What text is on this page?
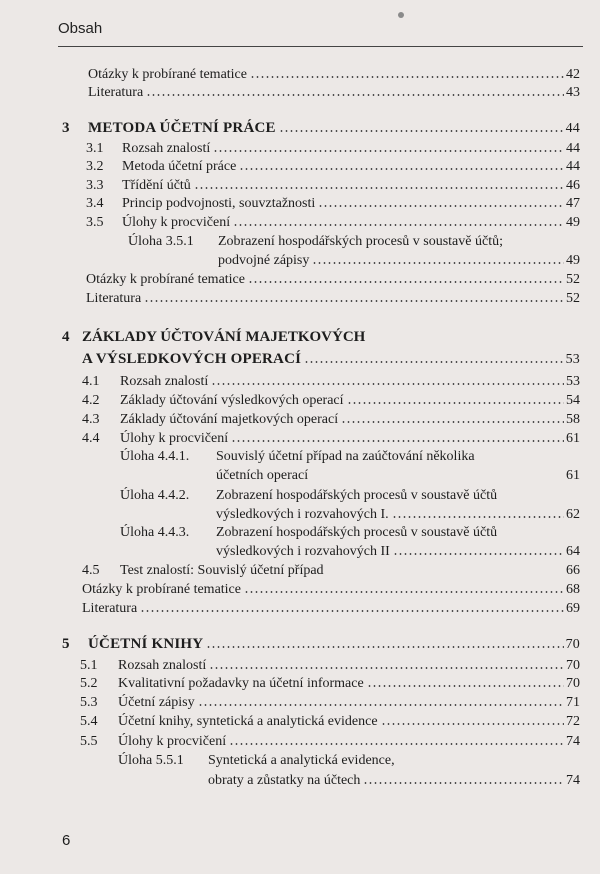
Obsah
Otázky k probírané tematice	42
Literatura	43
3	METODA ÚČETNÍ PRÁCE	44
3.1	Rozsah znalostí	44
3.2	Metoda účetní práce	44
3.3	Třídění účtů	46
3.4	Princip podvojnosti, souvztažnosti	47
3.5	Úlohy k procvičení	49
Úloha 3.5.1 Zobrazení hospodářských procesů v soustavě účtů;
podvojné zápisy	49
Otázky k probírané tematice	52
Literatura	52
4 ZÁKLADY ÚČTOVÁNÍ MAJETKOVÝCH
A VÝSLEDKOVÝCH OPERACÍ	53
4.1	Rozsah znalostí	53
4.2	Základy účtování výsledkových operací	54
4.3	Základy účtování majetkových operací	58
4.4	Úlohy k procvičení	61
Úloha 4.4.1. Souvislý účetní případ na zaúčtování několika
účetních operací	61
Úloha 4.4.2. Zobrazení hospodářských procesů v soustavě účtů
výsledkových i rozvahových I.	62
Úloha 4.4.3. Zobrazení hospodářských procesů v soustavě účtů
výsledkových i rozvahových II	64
4.5	Test znalostí: Souvislý účetní případ	66
Otázky k probírané tematice	68
Literatura	69
5	ÚČETNÍ KNIHY	70
5.1	Rozsah znalostí	70
5.2	Kvalitativní požadavky na účetní informace	70
5.3	Účetní zápisy	71
5.4	Účetní knihy, syntetická a analytická evidence	72
5.5	Úlohy k procvičení	74
Úloha 5.5.1 Syntetická a analytická evidence,
obraty a zůstatky na účtech	74
6
